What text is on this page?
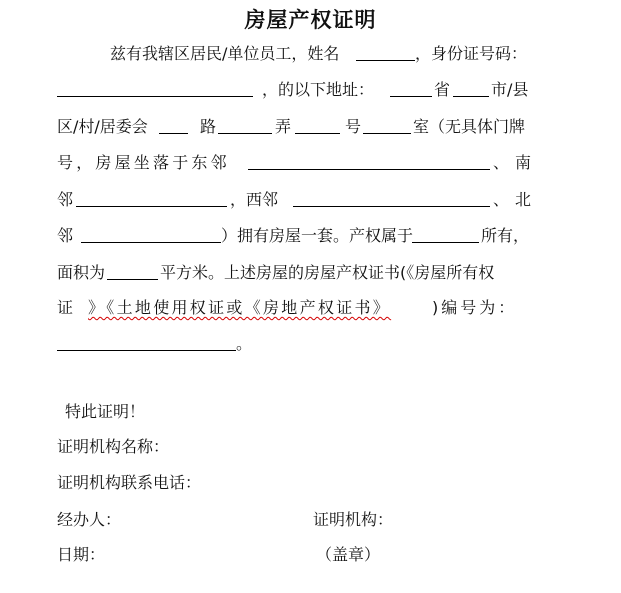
房屋产权证明
兹有我辖区居民/单位员工，姓名	，身份证号码：
，的以下地址：	省	市/县
区/村/居委会	路	弄	号	室（无具体门牌
号，房屋坐落于东邻	、 南
邻	，西邻	、 北
邻	）拥有房屋一套。产权属于	所有，
面积为	平方米。上述房屋的房屋产权证书(《房屋所有权
证 》《土地使用权证或《房地产权证书》	)编号为：
。
特此证明！
证明机构名称：
证明机构联系电话：
经办人：	证明机构：
日期：	（盖章）
